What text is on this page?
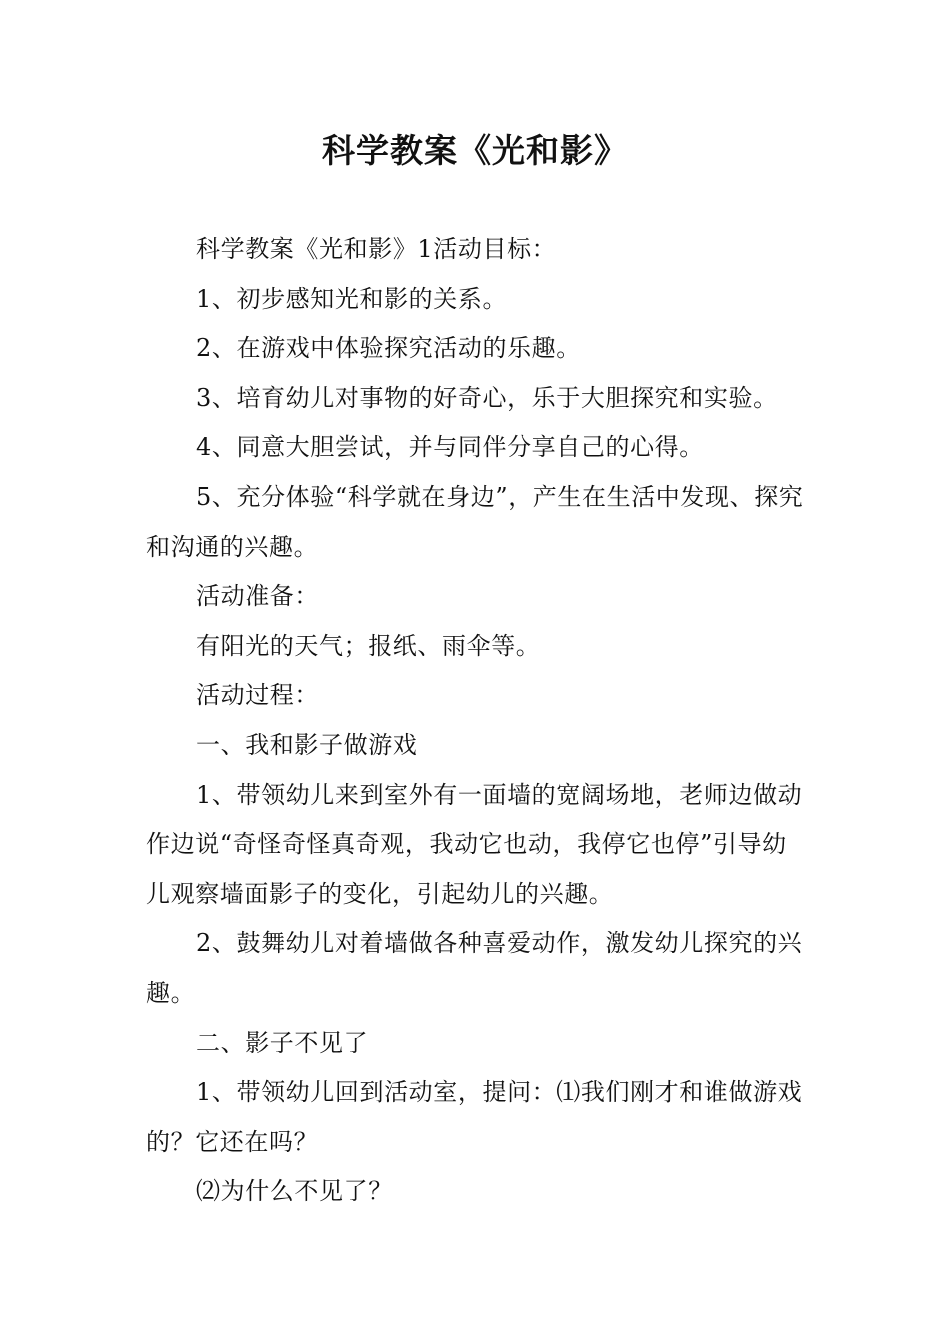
科学教案《光和影》

科学教案《光和影》1活动目标：

1、初步感知光和影的关系。

2、在游戏中体验探究活动的乐趣。

3、培育幼儿对事物的好奇心，乐于大胆探究和实验。

4、同意大胆尝试，并与同伴分享自己的心得。

5、充分体验“科学就在身边”，产生在生活中发现、探究和沟通的兴趣。

活动准备：

有阳光的天气；报纸、雨伞等。

活动过程：

一、我和影子做游戏

1、带领幼儿来到室外有一面墙的宽阔场地，老师边做动作边说“奇怪奇怪真奇观，我动它也动，我停它也停”引导幼儿观察墙面影子的变化，引起幼儿的兴趣。

2、鼓舞幼儿对着墙做各种喜爱动作，激发幼儿探究的兴趣。

二、影子不见了

1、带领幼儿回到活动室，提问：⑴我们刚才和谁做游戏的？它还在吗？

⑵为什么不见了？
